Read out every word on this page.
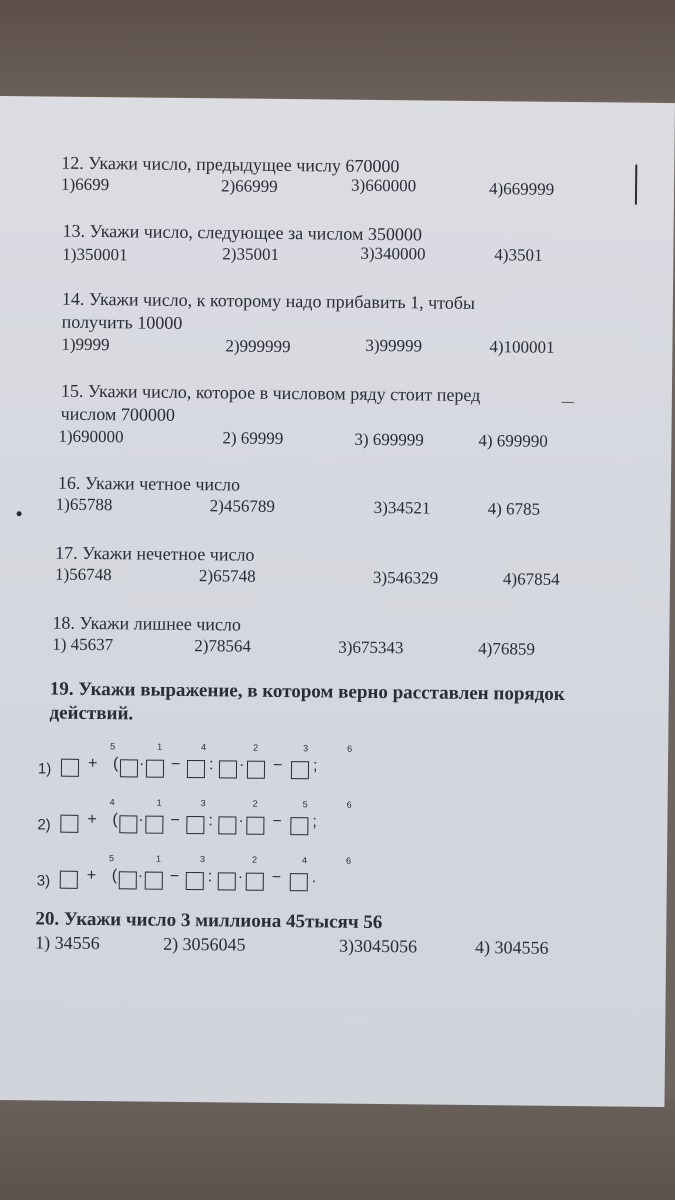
12. Укажи число, предыдущее числу 670000
1)6699	2)66999	3)660000	4)669999
13. Укажи число, следующее за числом 350000
1)350001	2)35001	3)340000	4)3501
14. Укажи число, к которому надо прибавить 1, чтобы
получить 10000
1)9999	2)999999	3)99999	4)100001
15. Укажи число, которое в числовом ряду стоит перед
числом 700000
1)690000	2) 69999	3) 699999	4) 699990
16. Укажи четное число
1)65788	2)456789	3)34521	4) 6785
17. Укажи нечетное число
1)56748	2)65748	3)546329	4)67854
18. Укажи лишнее число
1) 45637	2)78564	3)675343	4)76859
19. Укажи выражение, в котором верно расставлен порядок
действий.
1)
5
+ (
1
·
4
−
2
:
3
·
6
− ;
2)
4
+ (
1
·
3
−
2
:
5
·
6
− ;
3)
5
+ (
1
·
3
−
2
:
4
·
6
− .
20. Укажи число 3 миллиона 45тысяч 56
1) 34556	2) 3056045	3)3045056	4) 304556
